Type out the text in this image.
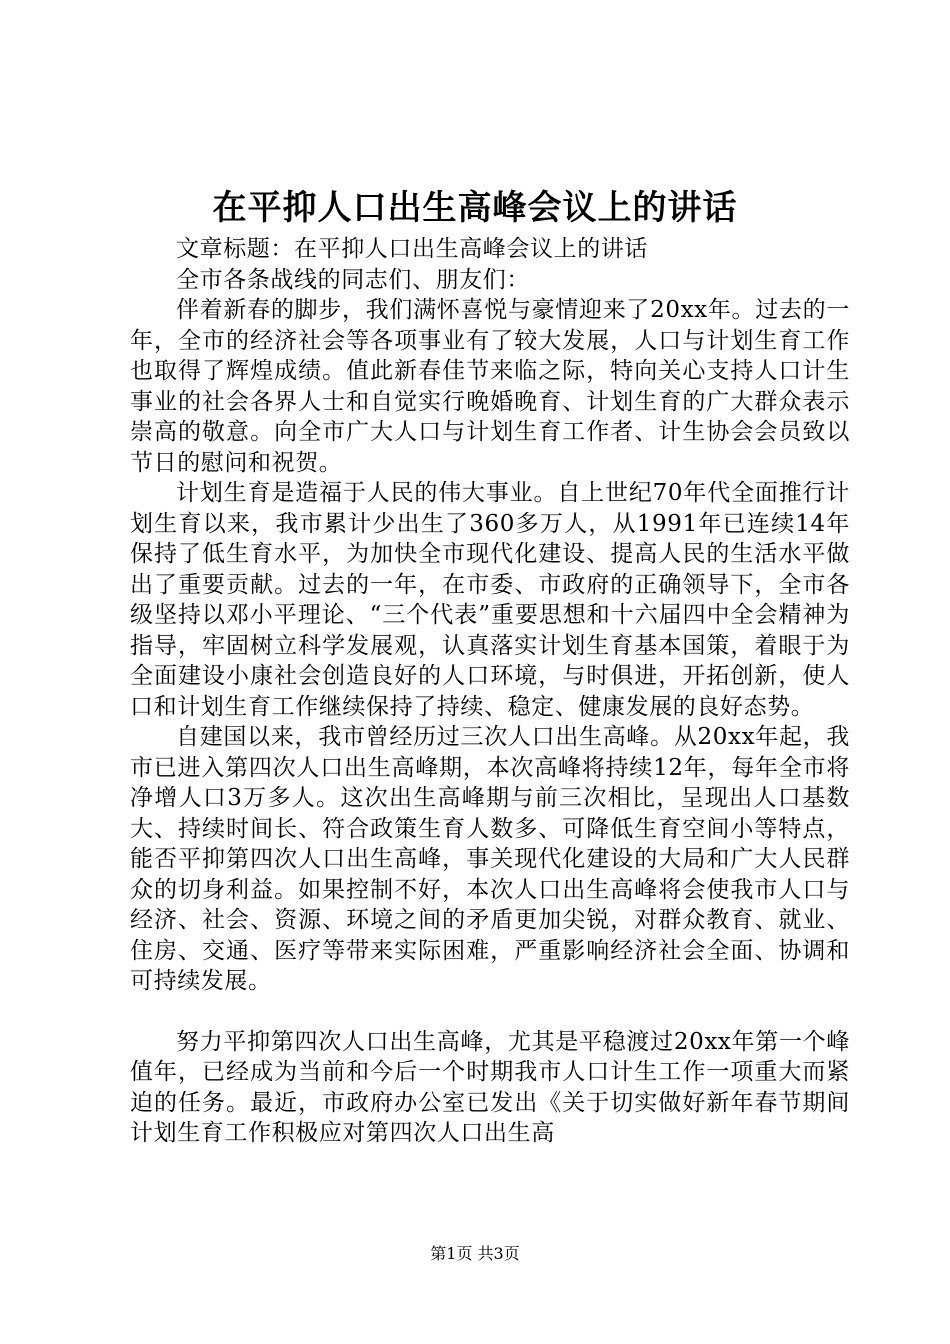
在平抑人口出生高峰会议上的讲话

文章标题：在平抑人口出生高峰会议上的讲话

全市各条战线的同志们、朋友们：

伴着新春的脚步，我们满怀喜悦与豪情迎来了20xx年。过去的一年，全市的经济社会等各项事业有了较大发展，人口与计划生育工作也取得了辉煌成绩。值此新春佳节来临之际，特向关心支持人口计生事业的社会各界人士和自觉实行晚婚晚育、计划生育的广大群众表示崇高的敬意。向全市广大人口与计划生育工作者、计生协会会员致以节日的慰问和祝贺。

计划生育是造福于人民的伟大事业。自上世纪70年代全面推行计划生育以来，我市累计少出生了360多万人，从1991年已连续14年保持了低生育水平，为加快全市现代化建设、提高人民的生活水平做出了重要贡献。过去的一年，在市委、市政府的正确领导下，全市各级坚持以邓小平理论、“三个代表”重要思想和十六届四中全会精神为指导，牢固树立科学发展观，认真落实计划生育基本国策，着眼于为全面建设小康社会创造良好的人口环境，与时俱进，开拓创新，使人口和计划生育工作继续保持了持续、稳定、健康发展的良好态势。

自建国以来，我市曾经历过三次人口出生高峰。从20xx年起，我市已进入第四次人口出生高峰期，本次高峰将持续12年，每年全市将净增人口3万多人。这次出生高峰期与前三次相比，呈现出人口基数大、持续时间长、符合政策生育人数多、可降低生育空间小等特点，能否平抑第四次人口出生高峰，事关现代化建设的大局和广大人民群众的切身利益。如果控制不好，本次人口出生高峰将会使我市人口与经济、社会、资源、环境之间的矛盾更加尖锐，对群众教育、就业、住房、交通、医疗等带来实际困难，严重影响经济社会全面、协调和可持续发展。

努力平抑第四次人口出生高峰，尤其是平稳渡过20xx年第一个峰值年，已经成为当前和今后一个时期我市人口计生工作一项重大而紧迫的任务。最近，市政府办公室已发出《关于切实做好新年春节期间计划生育工作积极应对第四次人口出生高

第1页 共3页
